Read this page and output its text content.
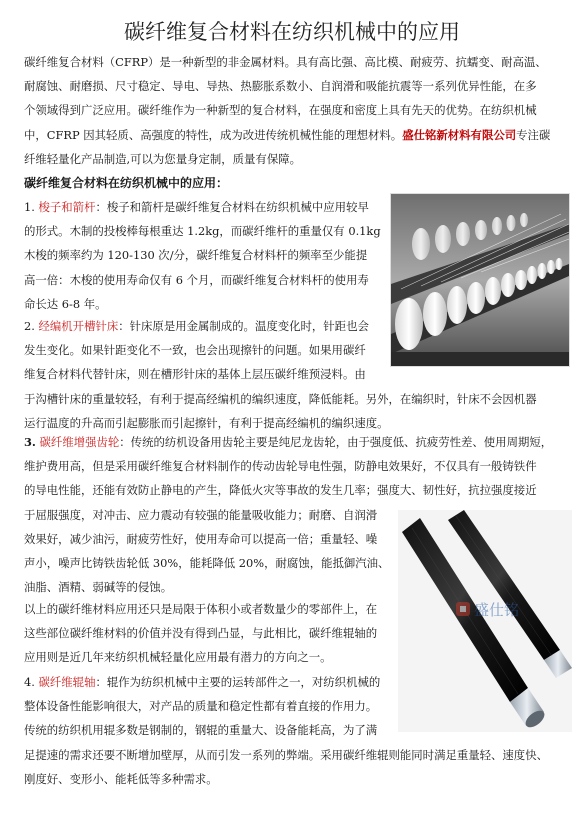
碳纤维复合材料在纺织机械中的应用
碳纤维复合材料（CFRP）是一种新型的非金属材料。具有高比强、高比模、耐疲劳、抗蠕变、耐高温、
耐腐蚀、耐磨损、尺寸稳定、导电、导热、热膨胀系数小、自润滑和吸能抗震等一系列优异性能，在多
个领域得到广泛应用。碳纤维作为一种新型的复合材料，在强度和密度上具有先天的优势。在纺织机械
中，CFRP 因其轻质、高强度的特性，成为改进传统机械性能的理想材料。盛仕铭新材料有限公司专注碳
纤维轻量化产品制造,可以为您量身定制，质量有保障。
碳纤维复合材料在纺织机械中的应用：
1. 梭子和箭杆：梭子和箭杆是碳纤维复合材料在纺织机械中应用较早
的形式。木制的投梭棒每根重达 1.2kg，而碳纤维杆的重量仅有 0.1kg
木梭的频率约为 120-130 次/分，碳纤维复合材料杆的频率至少能提
高一倍：木梭的使用寿命仅有 6 个月，而碳纤维复合材料杆的使用寿
命长达 6-8 年。
2. 经编机开槽针床：针床原是用金属制成的。温度变化时，针距也会
发生变化。如果针距变化不一致，也会出现擦针的问题。如果用碳纤
维复合材料代替针床，则在槽形针床的基体上层压碳纤维预浸料。由
于沟槽针床的重量较轻，有利于提高经编机的编织速度，降低能耗。另外，在编织时，针床不会因机器
运行温度的升高而引起膨胀而引起擦针，有利于提高经编机的编织速度。
3. 碳纤维增强齿轮：传统的纺机设备用齿轮主要是纯尼龙齿轮，由于强度低、抗疲劳性差、使用周期短，
维护费用高，但是采用碳纤维复合材料制作的传动齿轮导电性强，防静电效果好，不仅具有一般铸铁件
的导电性能，还能有效防止静电的产生，降低火灾等事故的发生几率；强度大、韧性好，抗拉强度接近
于屈服强度，对冲击、应力震动有较强的能量吸收能力；耐磨、自润滑
效果好，减少油污，耐疲劳性好，使用寿命可以提高一倍；重量轻、噪
声小，噪声比铸铁齿轮低 30%，能耗降低 20%，耐腐蚀，能抵御汽油、
油脂、酒精、弱碱等的侵蚀。
以上的碳纤维材料应用还只是局限于体积小或者数量少的零部件上，在
这些部位碳纤维材料的价值并没有得到凸显，与此相比，碳纤维辊轴的
应用则是近几年来纺织机械轻量化应用最有潜力的方向之一。
4. 碳纤维辊轴：辊作为纺织机械中主要的运转部件之一，对纺织机械的
整体设备性能影响很大，对产品的质量和稳定性都有着直接的作用力。
传统的纺织机用辊多数是钢制的，钢辊的重量大、设备能耗高，为了满
足提速的需求还要不断增加壁厚，从而引发一系列的弊端。采用碳纤维辊则能同时满足重量轻、速度快、
刚度好、变形小、能耗低等多种需求。
盛仕铭
